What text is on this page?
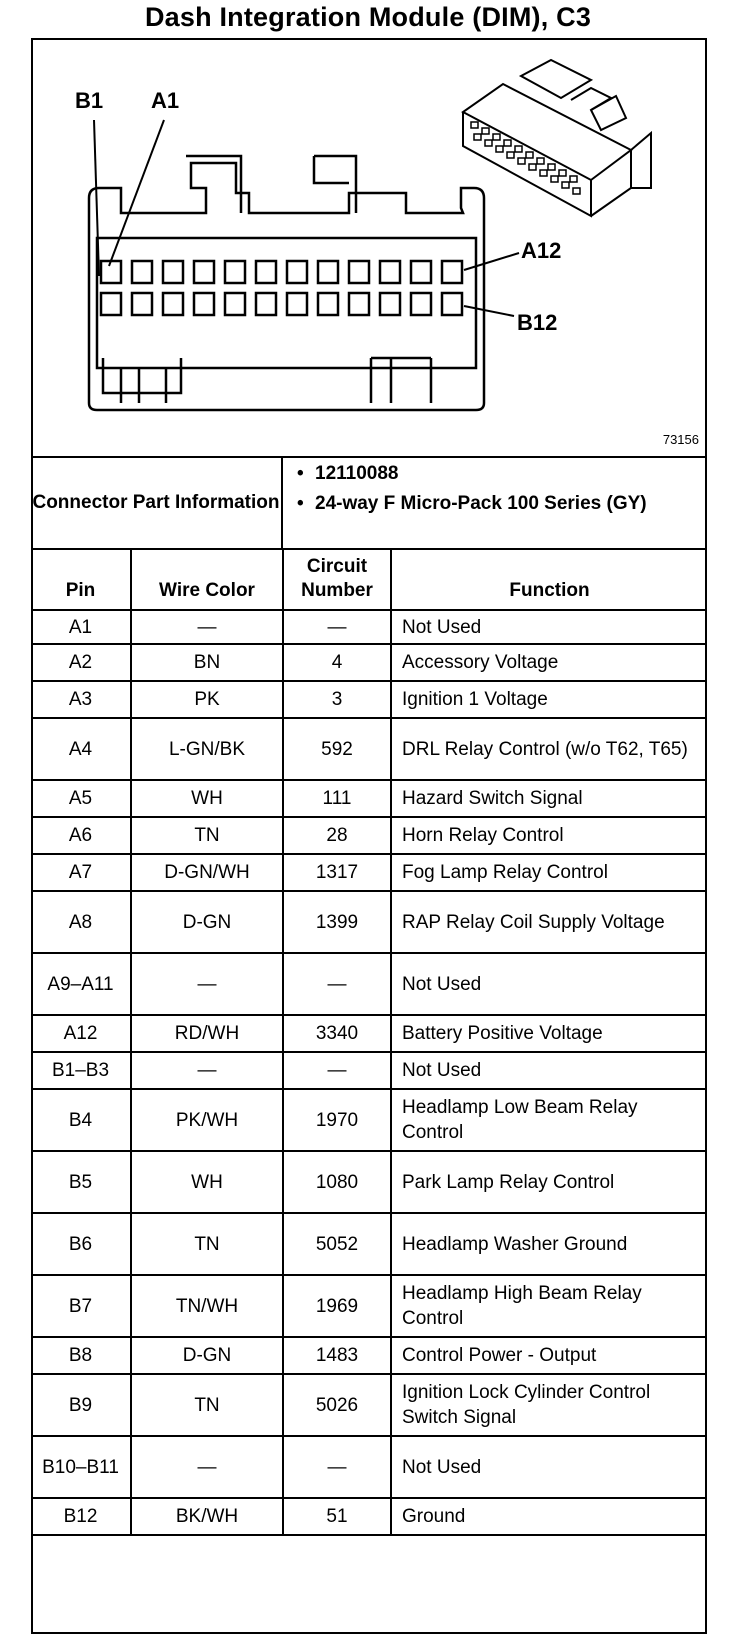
Dash Integration Module (DIM), C3
B1 A1
A12
B12
73156
Connector Part Information
• 12110088
• 24-way F Micro-Pack 100 Series (GY)
Pin	Wire Color	Circuit Number	Function
A1	—	—	Not Used
A2	BN	4	Accessory Voltage
A3	PK	3	Ignition 1 Voltage
A4	L-GN/BK	592	DRL Relay Control (w/o T62, T65)
A5	WH	111	Hazard Switch Signal
A6	TN	28	Horn Relay Control
A7	D-GN/WH	1317	Fog Lamp Relay Control
A8	D-GN	1399	RAP Relay Coil Supply Voltage
A9–A11	—	—	Not Used
A12	RD/WH	3340	Battery Positive Voltage
B1–B3	—	—	Not Used
B4	PK/WH	1970	Headlamp Low Beam Relay Control
B5	WH	1080	Park Lamp Relay Control
B6	TN	5052	Headlamp Washer Ground
B7	TN/WH	1969	Headlamp High Beam Relay Control
B8	D-GN	1483	Control Power - Output
B9	TN	5026	Ignition Lock Cylinder Control Switch Signal
B10–B11	—	—	Not Used
B12	BK/WH	51	Ground
